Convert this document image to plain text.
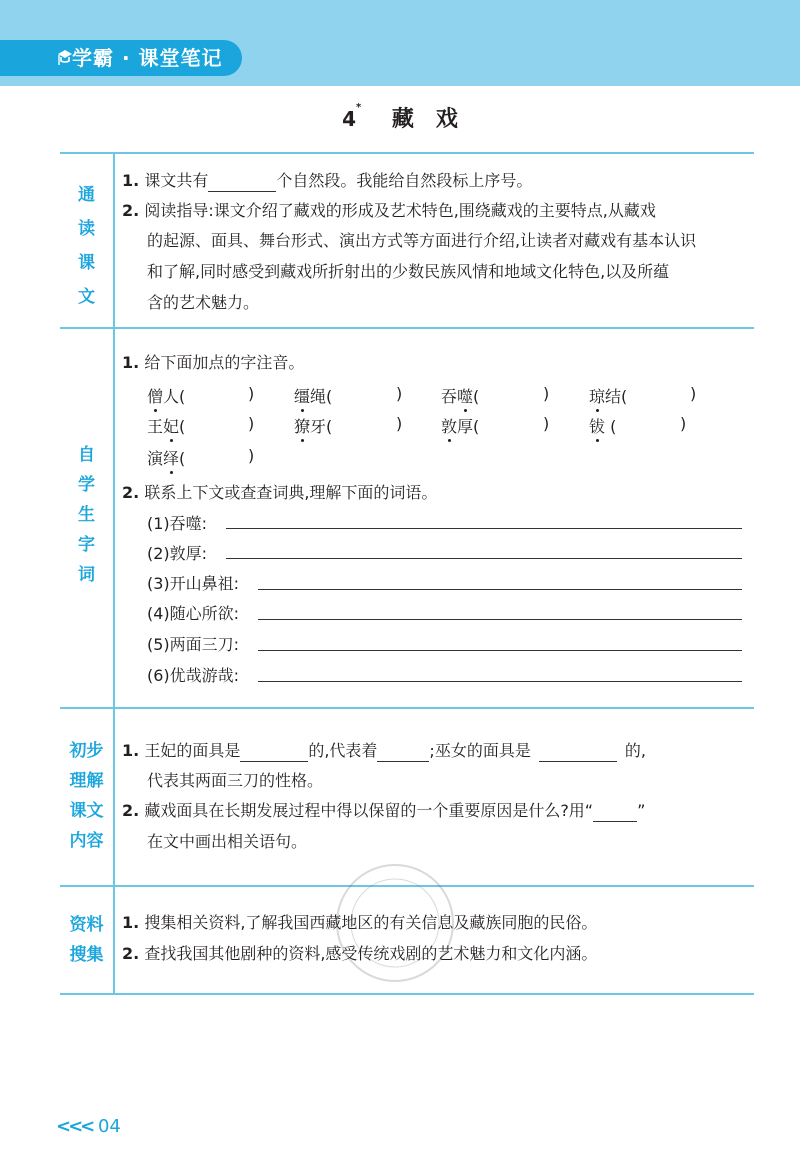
学霸 · 课堂笔记
4* 藏　戏
通
读
课
文
1. 课文共有	个自然段。我能给自然段标上序号。
2. 阅读指导:课文介绍了藏戏的形成及艺术特色,围绕藏戏的主要特点,从藏戏
的起源、面具、舞台形式、演出方式等方面进行介绍,让读者对藏戏有基本认识
和了解,同时感受到藏戏所折射出的少数民族风情和地域文化特色,以及所蕴
含的艺术魅力。
自
学
生
字
词
1. 给下面加点的字注音。
僧人(	) 缰绳(	) 吞噬(	) 琼结(	)
王妃(	) 獠牙(	) 敦厚(	) 钹 (	)
演绎(	)
2. 联系上下文或查查词典,理解下面的词语。
(1)吞噬:
(2)敦厚:
(3)开山鼻祖:
(4)随心所欲:
(5)两面三刀:
(6)优哉游哉:
初步
理解
课文
内容
1. 王妃的面具是	的,代表着	;巫女的面具是	的,
代表其两面三刀的性格。
2. 藏戏面具在长期发展过程中得以保留的一个重要原因是什么?用“	”
在文中画出相关语句。
资料
搜集
1. 搜集相关资料,了解我国西藏地区的有关信息及藏族同胞的民俗。
2. 查找我国其他剧种的资料,感受传统戏剧的艺术魅力和文化内涵。
<<< 04
